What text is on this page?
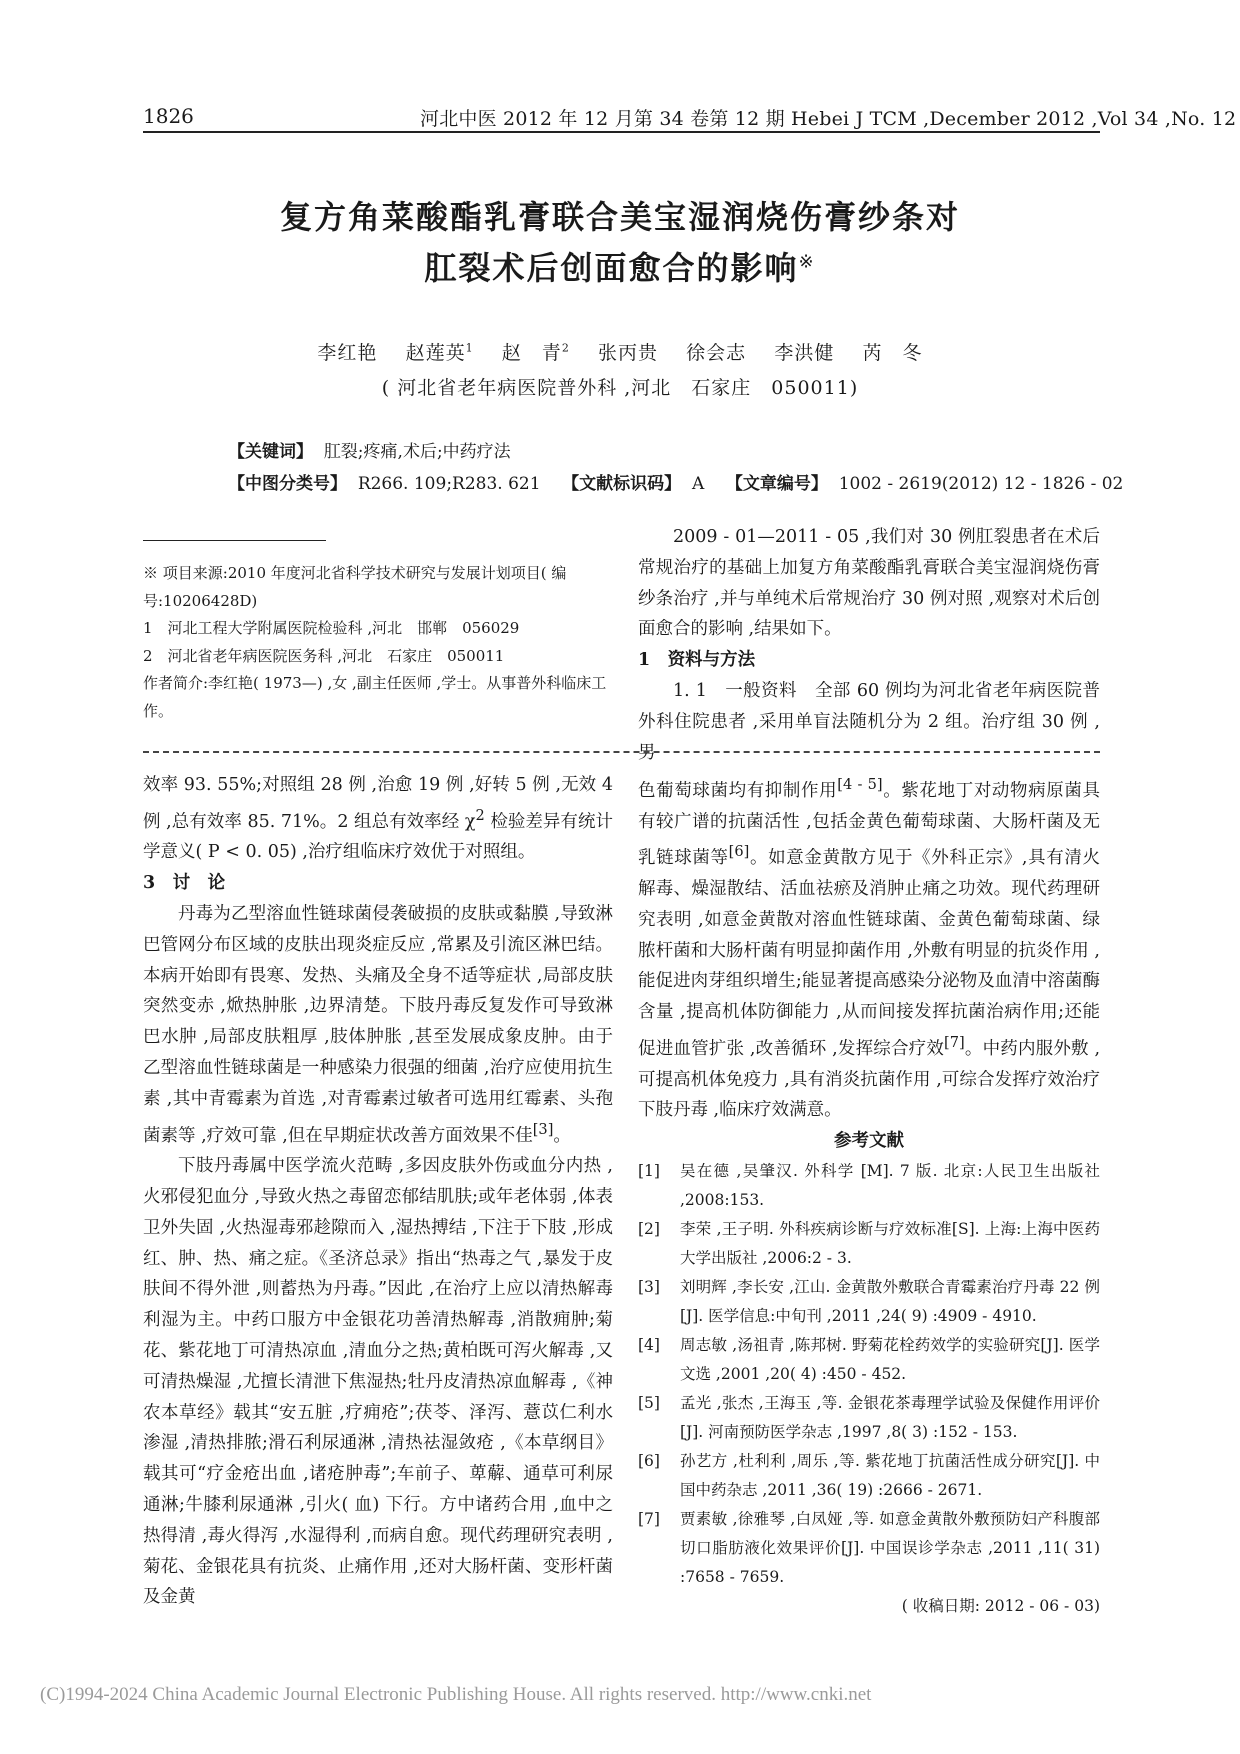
1826	河北中医 2012 年 12 月第 34 卷第 12 期 Hebei J TCM ,December 2012 ,Vol 34 ,No. 12
复方角菜酸酯乳膏联合美宝湿润烧伤膏纱条对
肛裂术后创面愈合的影响※
李红艳 赵莲英$^1$ 赵　青$^2$ 张丙贵 徐会志 李洪健 芮　冬
( 河北省老年病医院普外科 ,河北　石家庄　050011)
【关键词】 肛裂;疼痛,术后;中药疗法
【中图分类号】 R266. 109;R283. 621 【文献标识码】 A 【文章编号】 1002 - 2619(2012) 12 - 1826 - 02
※ 项目来源:2010 年度河北省科学技术研究与发展计划项目( 编号:10206428D)
1　河北工程大学附属医院检验科 ,河北　邯郸　056029
2　河北省老年病医院医务科 ,河北　石家庄　050011
作者简介:李红艳( 1973—) ,女 ,副主任医师 ,学士。从事普外科临床工作。
2009 - 01—2011 - 05 ,我们对 30 例肛裂患者在术后常规治疗的基础上加复方角菜酸酯乳膏联合美宝湿润烧伤膏纱条治疗 ,并与单纯术后常规治疗 30 例对照 ,观察对术后创面愈合的影响 ,结果如下。
1　资料与方法
1. 1　一般资料　全部 60 例均为河北省老年病医院普外科住院患者 ,采用单盲法随机分为 2 组。治疗组 30 例 ,男
效率 93. 55%;对照组 28 例 ,治愈 19 例 ,好转 5 例 ,无效 4 例 ,总有效率 85. 71%。2 组总有效率经 $\chi^2$ 检验差异有统计学意义( P < 0. 05) ,治疗组临床疗效优于对照组。
3　讨　论
丹毒为乙型溶血性链球菌侵袭破损的皮肤或黏膜 ,导致淋巴管网分布区域的皮肤出现炎症反应 ,常累及引流区淋巴结。本病开始即有畏寒、发热、头痛及全身不适等症状 ,局部皮肤突然变赤 ,焮热肿胀 ,边界清楚。下肢丹毒反复发作可导致淋巴水肿 ,局部皮肤粗厚 ,肢体肿胀 ,甚至发展成象皮肿。由于乙型溶血性链球菌是一种感染力很强的细菌 ,治疗应使用抗生素 ,其中青霉素为首选 ,对青霉素过敏者可选用红霉素、头孢菌素等 ,疗效可靠 ,但在早期症状改善方面效果不佳[3]。
下肢丹毒属中医学流火范畴 ,多因皮肤外伤或血分内热 ,火邪侵犯血分 ,导致火热之毒留恋郁结肌肤;或年老体弱 ,体表卫外失固 ,火热湿毒邪趁隙而入 ,湿热搏结 ,下注于下肢 ,形成红、肿、热、痛之症。《圣济总录》指出“热毒之气 ,暴发于皮肤间不得外泄 ,则蓄热为丹毒。”因此 ,在治疗上应以清热解毒利湿为主。中药口服方中金银花功善清热解毒 ,消散痈肿;菊花、紫花地丁可清热凉血 ,清血分之热;黄柏既可泻火解毒 ,又可清热燥湿 ,尤擅长清泄下焦湿热;牡丹皮清热凉血解毒 ,《神农本草经》载其“安五脏 ,疗痈疮”;茯苓、泽泻、薏苡仁利水渗湿 ,清热排脓;滑石利尿通淋 ,清热祛湿敛疮 ,《本草纲目》载其可“疗金疮出血 ,诸疮肿毒”;车前子、萆薢、通草可利尿通淋;牛膝利尿通淋 ,引火( 血) 下行。方中诸药合用 ,血中之热得清 ,毒火得泻 ,水湿得利 ,而病自愈。现代药理研究表明 ,菊花、金银花具有抗炎、止痛作用 ,还对大肠杆菌、变形杆菌及金黄
色葡萄球菌均有抑制作用[4 - 5]。紫花地丁对动物病原菌具有较广谱的抗菌活性 ,包括金黄色葡萄球菌、大肠杆菌及无乳链球菌等[6]。如意金黄散方见于《外科正宗》,具有清火解毒、燥湿散结、活血祛瘀及消肿止痛之功效。现代药理研究表明 ,如意金黄散对溶血性链球菌、金黄色葡萄球菌、绿脓杆菌和大肠杆菌有明显抑菌作用 ,外敷有明显的抗炎作用 ,能促进肉芽组织增生;能显著提高感染分泌物及血清中溶菌酶含量 ,提高机体防御能力 ,从而间接发挥抗菌治病作用;还能促进血管扩张 ,改善循环 ,发挥综合疗效[7]。中药内服外敷 ,可提高机体免疫力 ,具有消炎抗菌作用 ,可综合发挥疗效治疗下肢丹毒 ,临床疗效满意。
参考文献
[1]	吴在德 ,吴肇汉. 外科学 [M]. 7 版. 北京:人民卫生出版社 ,2008:153.
[2]	李荣 ,王子明. 外科疾病诊断与疗效标准[S]. 上海:上海中医药大学出版社 ,2006:2 - 3.
[3]	刘明辉 ,李长安 ,江山. 金黄散外敷联合青霉素治疗丹毒 22 例[J]. 医学信息:中旬刊 ,2011 ,24( 9) :4909 - 4910.
[4]	周志敏 ,汤祖青 ,陈邦树. 野菊花栓药效学的实验研究[J]. 医学文选 ,2001 ,20( 4) :450 - 452.
[5]	孟光 ,张杰 ,王海玉 ,等. 金银花茶毒理学试验及保健作用评价[J]. 河南预防医学杂志 ,1997 ,8( 3) :152 - 153.
[6]	孙艺方 ,杜利利 ,周乐 ,等. 紫花地丁抗菌活性成分研究[J]. 中国中药杂志 ,2011 ,36( 19) :2666 - 2671.
[7]	贾素敏 ,徐雅琴 ,白凤娅 ,等. 如意金黄散外敷预防妇产科腹部切口脂肪液化效果评价[J]. 中国误诊学杂志 ,2011 ,11( 31) :7658 - 7659.
( 收稿日期: 2012 - 06 - 03)
(C)1994-2024 China Academic Journal Electronic Publishing House. All rights reserved. http://www.cnki.net
